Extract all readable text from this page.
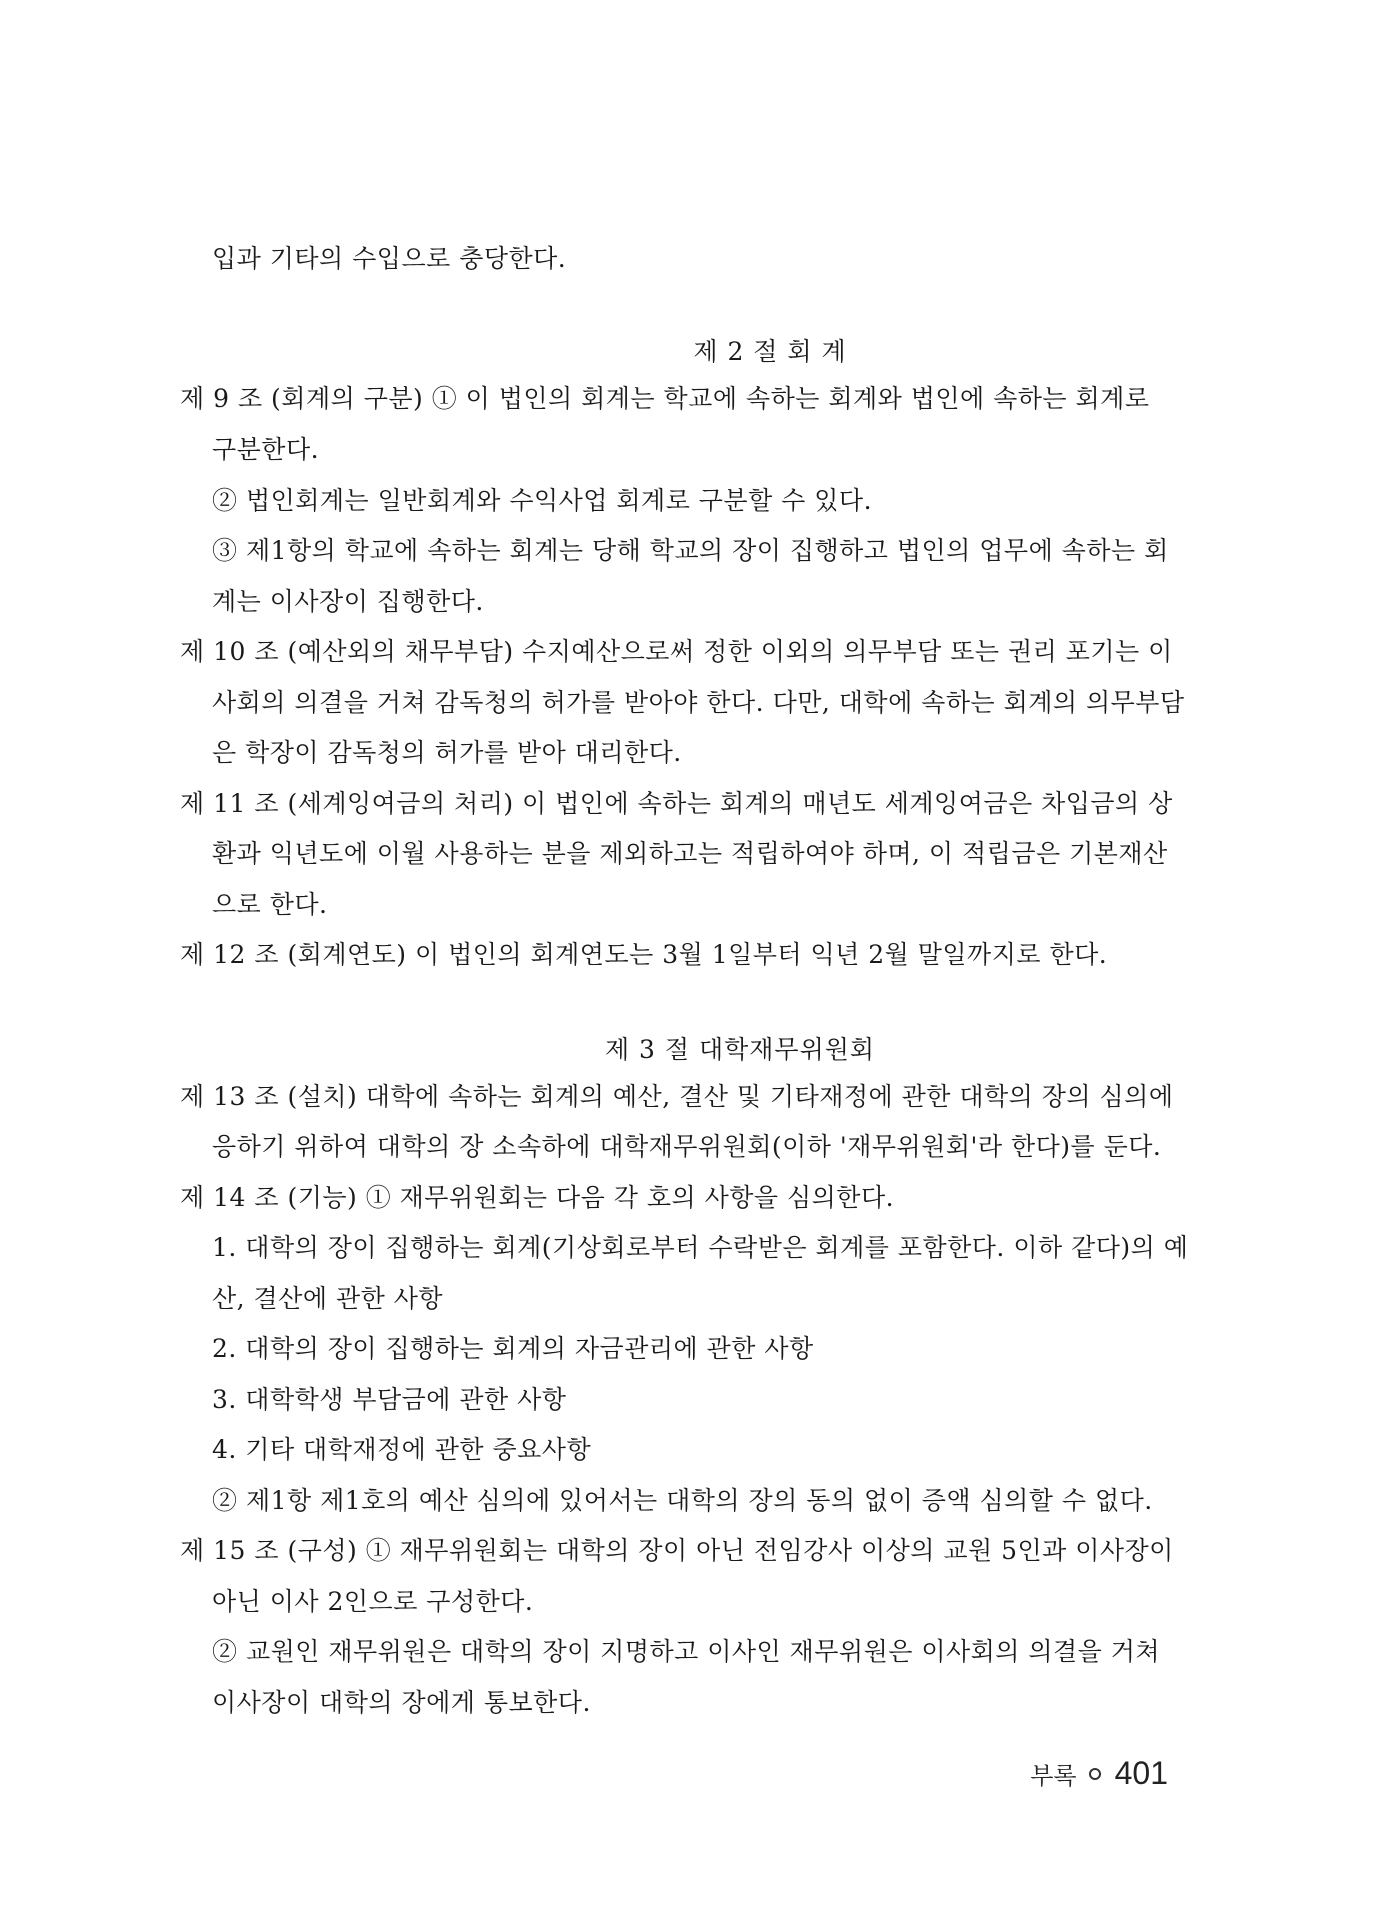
입과 기타의 수입으로 충당한다.
제 2 절 회 계
제 9 조 (회계의 구분) ① 이 법인의 회계는 학교에 속하는 회계와 법인에 속하는 회계로
구분한다.
② 법인회계는 일반회계와 수익사업 회계로 구분할 수 있다.
③ 제1항의 학교에 속하는 회계는 당해 학교의 장이 집행하고 법인의 업무에 속하는 회
계는 이사장이 집행한다.
제 10 조 (예산외의 채무부담) 수지예산으로써 정한 이외의 의무부담 또는 권리 포기는 이
사회의 의결을 거쳐 감독청의 허가를 받아야 한다. 다만, 대학에 속하는 회계의 의무부담
은 학장이 감독청의 허가를 받아 대리한다.
제 11 조 (세계잉여금의 처리) 이 법인에 속하는 회계의 매년도 세계잉여금은 차입금의 상
환과 익년도에 이월 사용하는 분을 제외하고는 적립하여야 하며, 이 적립금은 기본재산
으로 한다.
제 12 조 (회계연도) 이 법인의 회계연도는 3월 1일부터 익년 2월 말일까지로 한다.
제 3 절 대학재무위원회
제 13 조 (설치) 대학에 속하는 회계의 예산, 결산 및 기타재정에 관한 대학의 장의 심의에
응하기 위하여 대학의 장 소속하에 대학재무위원회(이하 '재무위원회'라 한다)를 둔다.
제 14 조 (기능) ① 재무위원회는 다음 각 호의 사항을 심의한다.
1. 대학의 장이 집행하는 회계(기상회로부터 수락받은 회계를 포함한다. 이하 같다)의 예
산, 결산에 관한 사항
2. 대학의 장이 집행하는 회계의 자금관리에 관한 사항
3. 대학학생 부담금에 관한 사항
4. 기타 대학재정에 관한 중요사항
② 제1항 제1호의 예산 심의에 있어서는 대학의 장의 동의 없이 증액 심의할 수 없다.
제 15 조 (구성) ① 재무위원회는 대학의 장이 아닌 전임강사 이상의 교원 5인과 이사장이
아닌 이사 2인으로 구성한다.
② 교원인 재무위원은 대학의 장이 지명하고 이사인 재무위원은 이사회의 의결을 거쳐
이사장이 대학의 장에게 통보한다.
부록 401
